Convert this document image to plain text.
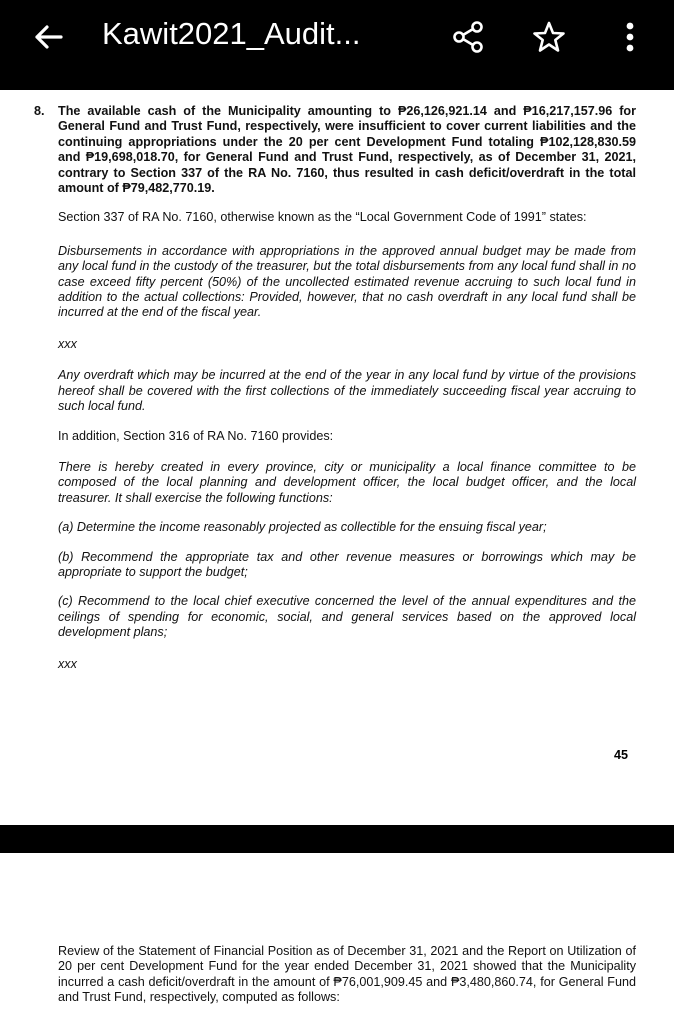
Kawit2021_Audit...
8.	The available cash of the Municipality amounting to ₱26,126,921.14 and ₱16,217,157.96 for General Fund and Trust Fund, respectively, were insufficient to cover current liabilities and the continuing appropriations under the 20 per cent Development Fund totaling ₱102,128,830.59 and ₱19,698,018.70, for General Fund and Trust Fund, respectively, as of December 31, 2021, contrary to Section 337 of the RA No. 7160, thus resulted in cash deficit/overdraft in the total amount of ₱79,482,770.19.

Section 337 of RA No. 7160, otherwise known as the “Local Government Code of 1991” states:

Disbursements in accordance with appropriations in the approved annual budget may be made from any local fund in the custody of the treasurer, but the total disbursements from any local fund shall in no case exceed fifty percent (50%) of the uncollected estimated revenue accruing to such local fund in addition to the actual collections: Provided, however, that no cash overdraft in any local fund shall be incurred at the end of the fiscal year.

xxx

Any overdraft which may be incurred at the end of the year in any local fund by virtue of the provisions hereof shall be covered with the first collections of the immediately succeeding fiscal year accruing to such local fund.

In addition, Section 316 of RA No. 7160 provides:

There is hereby created in every province, city or municipality a local finance committee to be composed of the local planning and development officer, the local budget officer, and the local treasurer. It shall exercise the following functions:

(a) Determine the income reasonably projected as collectible for the ensuing fiscal year;

(b) Recommend the appropriate tax and other revenue measures or borrowings which may be appropriate to support the budget;

(c) Recommend to the local chief executive concerned the level of the annual expenditures and the ceilings of spending for economic, social, and general services based on the approved local development plans;

xxx

45

Review of the Statement of Financial Position as of December 31, 2021 and the Report on Utilization of 20 per cent Development Fund for the year ended December 31, 2021 showed that the Municipality incurred a cash deficit/overdraft in the amount of ₱76,001,909.45 and ₱3,480,860.74, for General Fund and Trust Fund, respectively, computed as follows:
